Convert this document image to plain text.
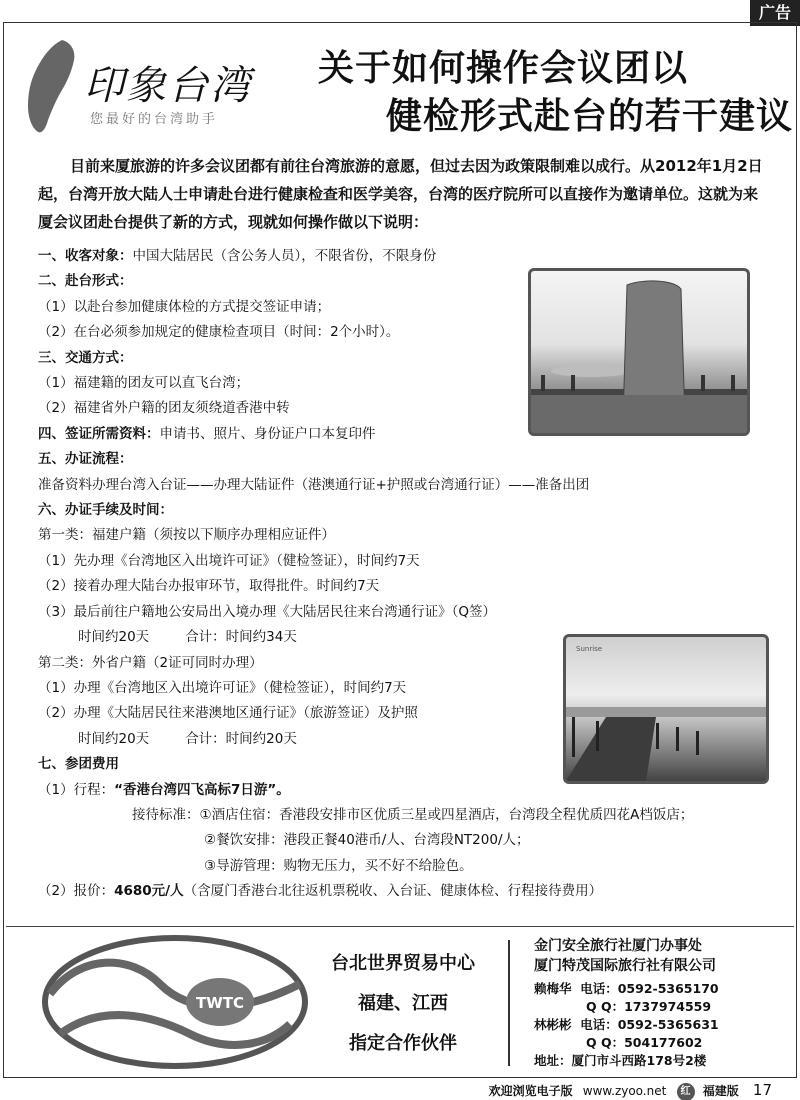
广告
印象台湾
您最好的台湾助手
关于如何操作会议团以
健检形式赴台的若干建议
目前来厦旅游的许多会议团都有前往台湾旅游的意愿，但过去因为政策限制难以成行。从2012年1月2日起，台湾开放大陆人士申请赴台进行健康检查和医学美容，台湾的医疗院所可以直接作为邀请单位。这就为来厦会议团赴台提供了新的方式，现就如何操作做以下说明：
一、收客对象：中国大陆居民（含公务人员），不限省份，不限身份
二、赴台形式：
（1）以赴台参加健康体检的方式提交签证申请；
（2）在台必须参加规定的健康检查项目（时间：2个小时）。
三、交通方式：
（1）福建籍的团友可以直飞台湾；
（2）福建省外户籍的团友须绕道香港中转
四、签证所需资料：申请书、照片、身份证户口本复印件
五、办证流程：
准备资料办理台湾入台证——办理大陆证件（港澳通行证+护照或台湾通行证）——准备出团
六、办证手续及时间：
第一类：福建户籍（须按以下顺序办理相应证件）
（1）先办理《台湾地区入出境许可证》（健检签证），时间约7天
（2）接着办理大陆台办报审环节，取得批件。时间约7天
（3）最后前往户籍地公安局出入境办理《大陆居民往来台湾通行证》（Q签）
时间约20天	合计：时间约34天
第二类：外省户籍（2证可同时办理）
（1）办理《台湾地区入出境许可证》（健检签证），时间约7天
（2）办理《大陆居民往来港澳地区通行证》（旅游签证）及护照
时间约20天	合计：时间约20天
七、参团费用
（1）行程：“香港台湾四飞高标7日游”。
接待标准：①酒店住宿：香港段安排市区优质三星或四星酒店，台湾段全程优质四花A档饭店；
②餐饮安排：港段正餐40港币/人、台湾段NT200/人；
③导游管理：购物无压力，买不好不给脸色。
（2）报价：4680元/人（含厦门香港台北往返机票税收、入台证、健康体检、行程接待费用）
Sunrise
TWTC
台北世界贸易中心
福建、江西
指定合作伙伴
金门安全旅行社厦门办事处
厦门特茂国际旅行社有限公司
赖梅华 电话：0592-5365170
Q Q：1737974559
林彬彬 电话：0592-5365631
Q Q：504177602
地址：厦门市斗西路178号2楼
欢迎浏览电子版 www.zyoo.net 红 福建版 17
